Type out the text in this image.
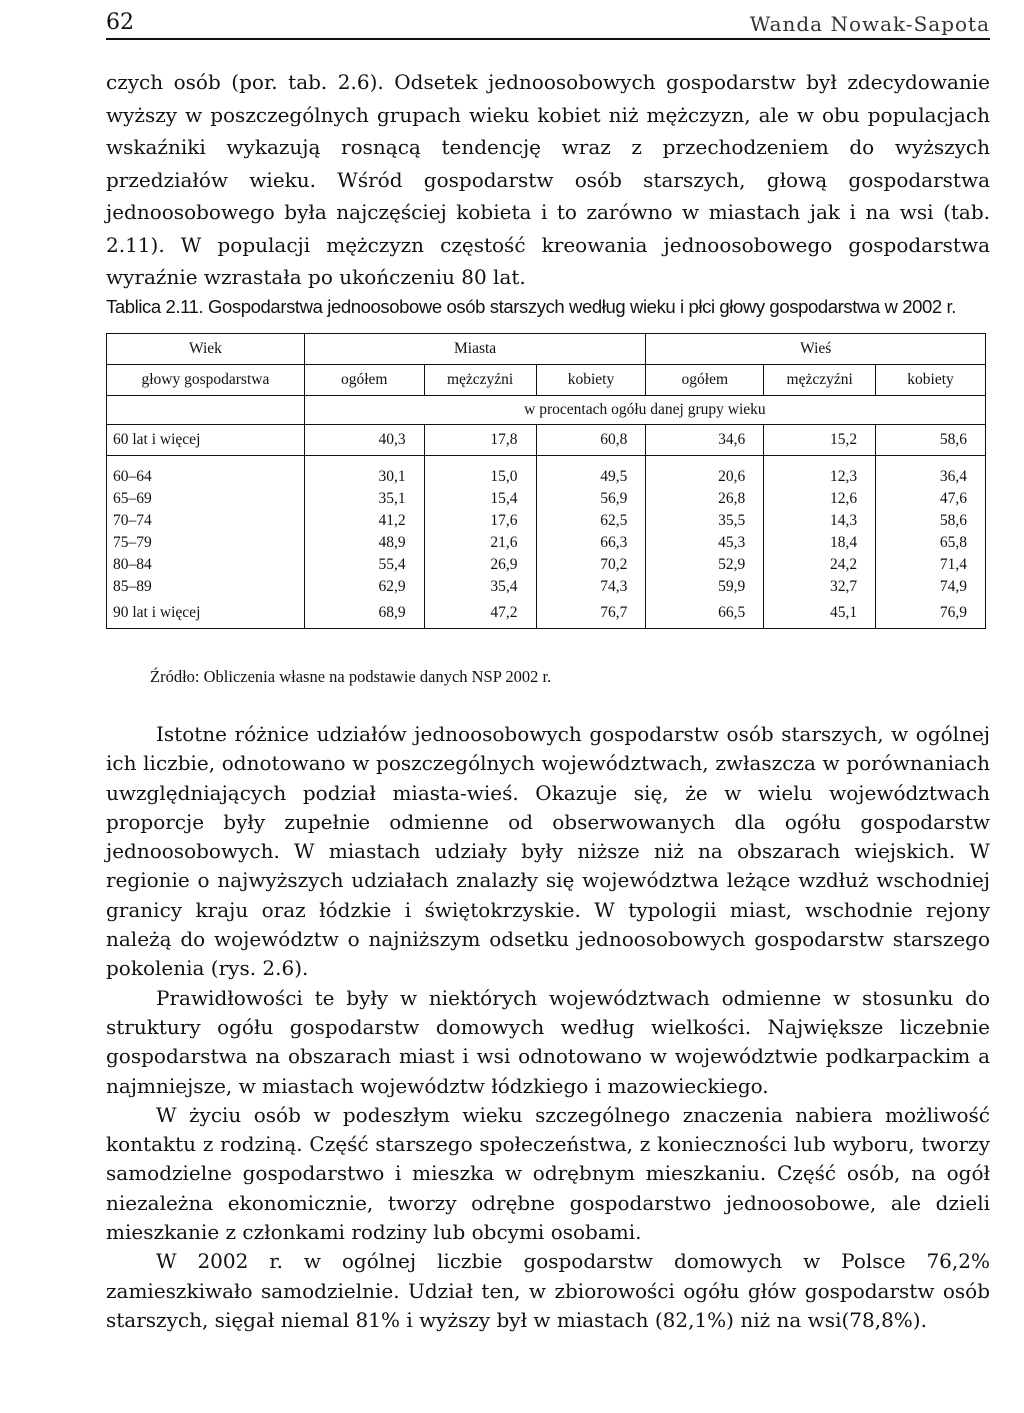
62	Wanda Nowak-Sapota

czych osób (por. tab. 2.6). Odsetek jednoosobowych gospodarstw był zdecydowanie wyższy w poszczególnych grupach wieku kobiet niż mężczyzn, ale w obu populacjach wskaźniki wykazują rosnącą tendencję wraz z przechodzeniem do wyższych przedziałów wieku. Wśród gospodarstw osób starszych, głową gospodarstwa jednoosobowego była najczęściej kobieta i to zarówno w miastach jak i na wsi (tab. 2.11). W populacji mężczyzn częstość kreowania jednoosobowego gospodarstwa wyraźnie wzrastała po ukończeniu 80 lat.

Tablica 2.11. Gospodarstwa jednoosobowe osób starszych według wieku i płci głowy gospodarstwa w 2002 r.
Wiek	Miasta			Wieś		
głowy gospodarstwa	ogółem	mężczyźni	kobiety	ogółem	mężczyźni	kobiety
	w procentach ogółu danej grupy wieku					
60 lat i więcej	40,3	17,8	60,8	34,6	15,2	58,6
60–64	30,1	15,0	49,5	20,6	12,3	36,4
65–69	35,1	15,4	56,9	26,8	12,6	47,6
70–74	41,2	17,6	62,5	35,5	14,3	58,6
75–79	48,9	21,6	66,3	45,3	18,4	65,8
80–84	55,4	26,9	70,2	52,9	24,2	71,4
85–89	62,9	35,4	74,3	59,9	32,7	74,9
90 lat i więcej	68,9	47,2	76,7	66,5	45,1	76,9
Źródło: Obliczenia własne na podstawie danych NSP 2002 r.

Istotne różnice udziałów jednoosobowych gospodarstw osób starszych, w ogólnej ich liczbie, odnotowano w poszczególnych województwach, zwłaszcza w porównaniach uwzględniających podział miasta-wieś. Okazuje się, że w wielu województwach proporcje były zupełnie odmienne od obserwowanych dla ogółu gospodarstw jednoosobowych. W miastach udziały były niższe niż na obszarach wiejskich. W regionie o najwyższych udziałach znalazły się województwa leżące wzdłuż wschodniej granicy kraju oraz łódzkie i świętokrzyskie. W typologii miast, wschodnie rejony należą do województw o najniższym odsetku jednoosobowych gospodarstw starszego pokolenia (rys. 2.6).

Prawidłowości te były w niektórych województwach odmienne w stosunku do struktury ogółu gospodarstw domowych według wielkości. Największe liczebnie gospodarstwa na obszarach miast i wsi odnotowano w województwie podkarpackim a najmniejsze, w miastach województw łódzkiego i mazowieckiego.

W życiu osób w podeszłym wieku szczególnego znaczenia nabiera możliwość kontaktu z rodziną. Część starszego społeczeństwa, z konieczności lub wyboru, tworzy samodzielne gospodarstwo i mieszka w odrębnym mieszkaniu. Część osób, na ogół niezależna ekonomicznie, tworzy odrębne gospodarstwo jednoosobowe, ale dzieli mieszkanie z członkami rodziny lub obcymi osobami.

W 2002 r. w ogólnej liczbie gospodarstw domowych w Polsce 76,2% zamieszkiwało samodzielnie. Udział ten, w zbiorowości ogółu głów gospodarstw osób starszych, sięgał niemal 81% i wyższy był w miastach (82,1%) niż na wsi(78,8%).
